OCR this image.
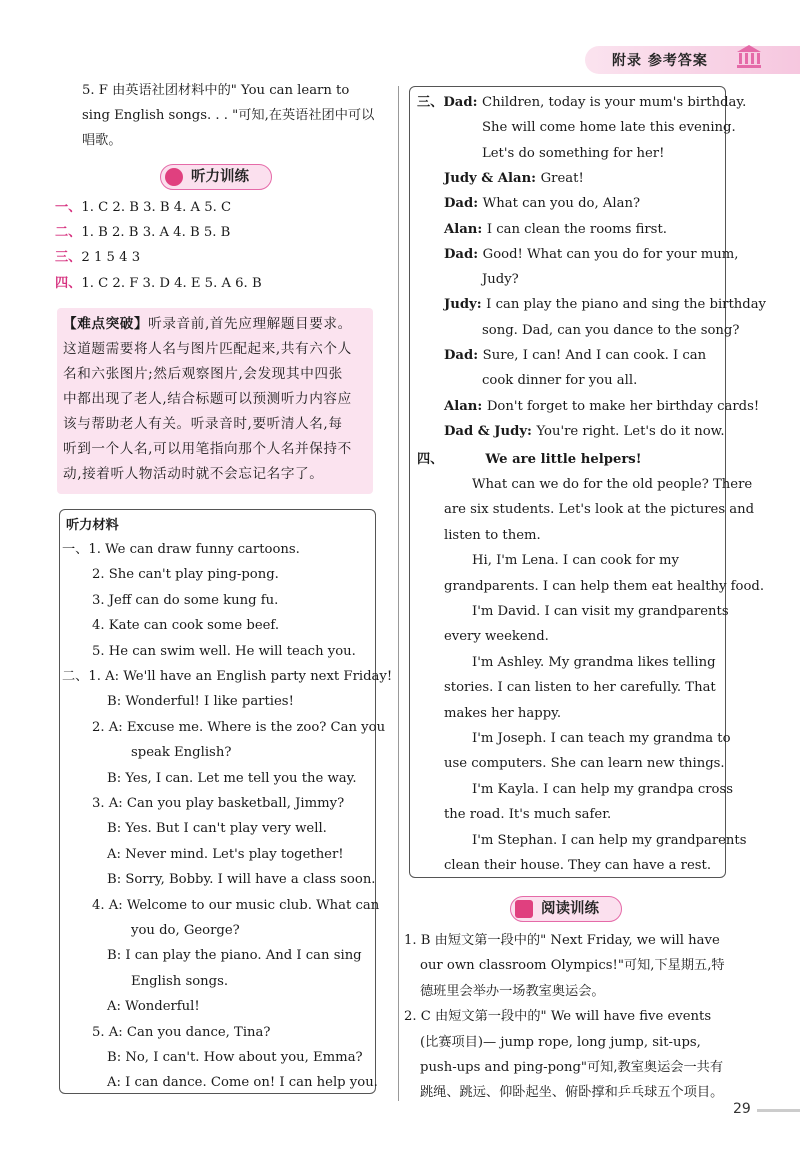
附录 参考答案
5. F 由英语社团材料中的" You can learn to
sing English songs. . . "可知,在英语社团中可以
唱歌。
听力训练
一、1. C 2. B 3. B 4. A 5. C
二、1. B 2. B 3. A 4. B 5. B
三、2 1 5 4 3
四、1. C 2. F 3. D 4. E 5. A 6. B
【难点突破】听录音前,首先应理解题目要求。
这道题需要将人名与图片匹配起来,共有六个人
名和六张图片;然后观察图片,会发现其中四张
中都出现了老人,结合标题可以预测听力内容应
该与帮助老人有关。听录音时,要听清人名,每
听到一个人名,可以用笔指向那个人名并保持不
动,接着听人物活动时就不会忘记名字了。
听力材料
一、1. We can draw funny cartoons.
2. She can't play ping-pong.
3. Jeff can do some kung fu.
4. Kate can cook some beef.
5. He can swim well. He will teach you.
二、1. A: We'll have an English party next Friday!
B: Wonderful! I like parties!
2. A: Excuse me. Where is the zoo? Can you
speak English?
B: Yes, I can. Let me tell you the way.
3. A: Can you play basketball, Jimmy?
B: Yes. But I can't play very well.
A: Never mind. Let's play together!
B: Sorry, Bobby. I will have a class soon.
4. A: Welcome to our music club. What can
you do, George?
B: I can play the piano. And I can sing
English songs.
A: Wonderful!
5. A: Can you dance, Tina?
B: No, I can't. How about you, Emma?
A: I can dance. Come on! I can help you.
三、Dad: Children, today is your mum's birthday.
She will come home late this evening.
Let's do something for her!
Judy & Alan: Great!
Dad: What can you do, Alan?
Alan: I can clean the rooms first.
Dad: Good! What can you do for your mum,
Judy?
Judy: I can play the piano and sing the birthday
song. Dad, can you dance to the song?
Dad: Sure, I can! And I can cook. I can
cook dinner for you all.
Alan: Don't forget to make her birthday cards!
Dad & Judy: You're right. Let's do it now.
四、	We are little helpers!
What can we do for the old people? There
are six students. Let's look at the pictures and
listen to them.
Hi, I'm Lena. I can cook for my
grandparents. I can help them eat healthy food.
I'm David. I can visit my grandparents
every weekend.
I'm Ashley. My grandma likes telling
stories. I can listen to her carefully. That
makes her happy.
I'm Joseph. I can teach my grandma to
use computers. She can learn new things.
I'm Kayla. I can help my grandpa cross
the road. It's much safer.
I'm Stephan. I can help my grandparents
clean their house. They can have a rest.
阅读训练
1. B 由短文第一段中的" Next Friday, we will have
our own classroom Olympics!"可知,下星期五,特
德班里会举办一场教室奥运会。
2. C 由短文第一段中的" We will have five events
(比赛项目)— jump rope, long jump, sit-ups,
push-ups and ping-pong"可知,教室奥运会一共有
跳绳、跳远、仰卧起坐、俯卧撑和乒乓球五个项目。
29
